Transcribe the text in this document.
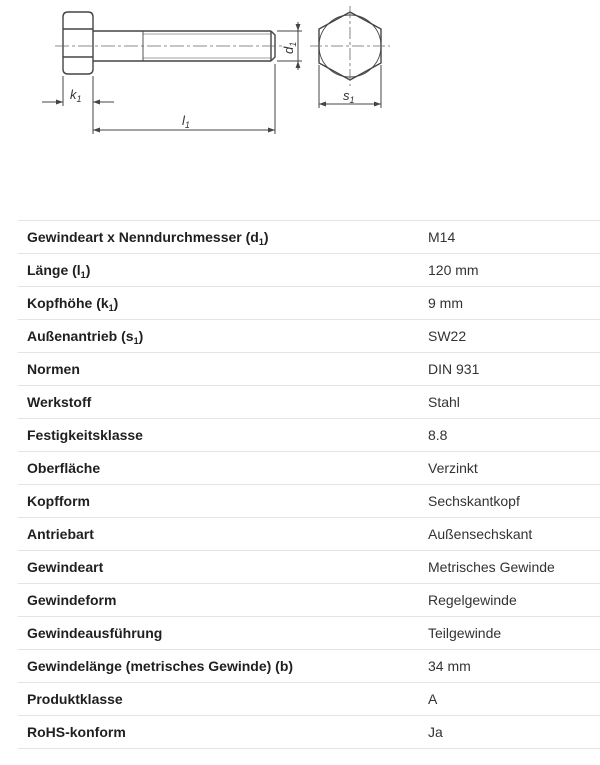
$k_1$
$l_1$
$d_1$
$s_1$
Gewindeart x Nenndurchmesser $(d_1)$	M14
Länge $(l_1)$	120 mm
Kopfhöhe $(k_1)$	9 mm
Außenantrieb $(s_1)$	SW22
Normen	DIN 931
Werkstoff	Stahl
Festigkeitsklasse	8.8
Oberfläche	Verzinkt
Kopfform	Sechskantkopf
Antriebart	Außensechskant
Gewindeart	Metrisches Gewinde
Gewindeform	Regelgewinde
Gewindeausführung	Teilgewinde
Gewindelänge (metrisches Gewinde) (b)	34 mm
Produktklasse	A
RoHS-konform	Ja
